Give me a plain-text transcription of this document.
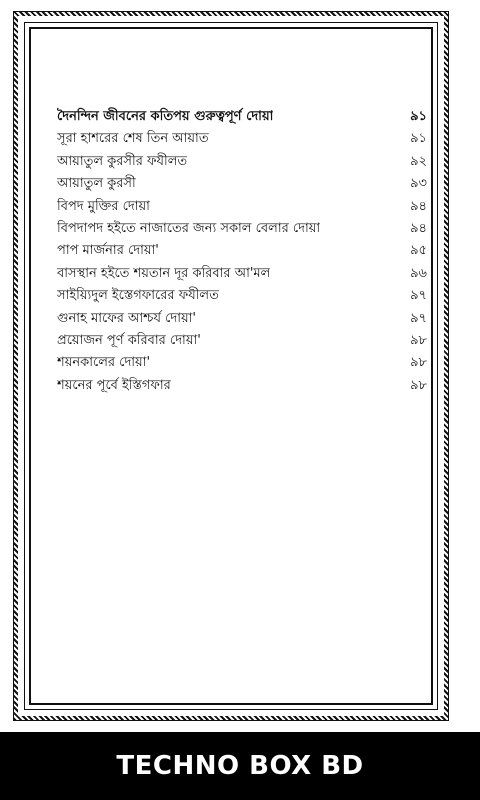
দৈনন্দিন জীবনের কতিপয় গুরুত্বপূর্ণ দোয়া	৯১
সূরা হাশরের শেষ তিন আয়াত	৯১
আয়াতুল কুরসীর ফযীলত	৯২
আয়াতুল কুরসী	৯৩
বিপদ মুক্তির দোয়া	৯৪
বিপদাপদ হইতে নাজাতের জন্য সকাল বেলার দোয়া	৯৪
পাপ মার্জনার দোয়া'	৯৫
বাসস্থান হইতে শয়তান দূর করিবার আ'মল	৯৬
সাইয়্যিদুল ইস্তেগফারের ফযীলত	৯৭
গুনাহ মাফের আশ্চর্য দোয়া'	৯৭
প্রয়োজন পূর্ণ করিবার দোয়া'	৯৮
শয়নকালের দোয়া'	৯৮
শয়নের পূর্বে ইস্তিগফার	৯৮
TECHNO BOX BD
